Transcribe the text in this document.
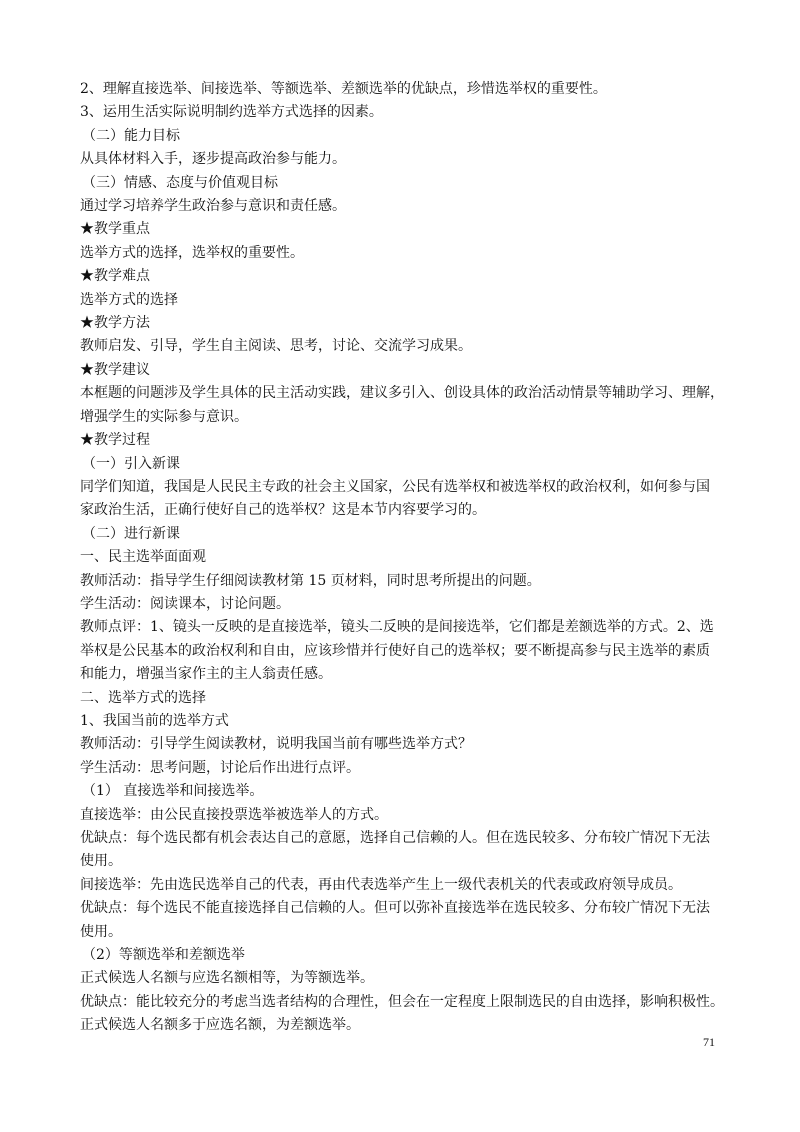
2、理解直接选举、间接选举、等额选举、差额选举的优缺点，珍惜选举权的重要性。

3、运用生活实际说明制约选举方式选择的因素。

（二）能力目标

从具体材料入手，逐步提高政治参与能力。

（三）情感、态度与价值观目标

通过学习培养学生政治参与意识和责任感。

★教学重点

选举方式的选择，选举权的重要性。

★教学难点

选举方式的选择

★教学方法

教师启发、引导，学生自主阅读、思考，讨论、交流学习成果。

★教学建议

本框题的问题涉及学生具体的民主活动实践，建议多引入、创设具体的政治活动情景等辅助学习、理解，

增强学生的实际参与意识。

★教学过程

（一）引入新课

同学们知道，我国是人民民主专政的社会主义国家，公民有选举权和被选举权的政治权利，如何参与国

家政治生活，正确行使好自己的选举权？这是本节内容要学习的。

（二）进行新课

一、民主选举面面观

教师活动：指导学生仔细阅读教材第 15 页材料，同时思考所提出的问题。

学生活动：阅读课本，讨论问题。

教师点评：1、镜头一反映的是直接选举，镜头二反映的是间接选举，它们都是差额选举的方式。2、选

举权是公民基本的政治权利和自由，应该珍惜并行使好自己的选举权；要不断提高参与民主选举的素质

和能力，增强当家作主的主人翁责任感。

二、选举方式的选择

1、我国当前的选举方式

教师活动：引导学生阅读教材，说明我国当前有哪些选举方式？

学生活动：思考问题，讨论后作出进行点评。

（1） 直接选举和间接选举。

直接选举：由公民直接投票选举被选举人的方式。

优缺点：每个选民都有机会表达自己的意愿，选择自己信赖的人。但在选民较多、分布较广情况下无法

使用。

间接选举：先由选民选举自己的代表，再由代表选举产生上一级代表机关的代表或政府领导成员。

优缺点：每个选民不能直接选择自己信赖的人。但可以弥补直接选举在选民较多、分布较广情况下无法

使用。

（2）等额选举和差额选举

正式候选人名额与应选名额相等，为等额选举。

优缺点：能比较充分的考虑当选者结构的合理性，但会在一定程度上限制选民的自由选择，影响积极性。

正式候选人名额多于应选名额，为差额选举。

71
